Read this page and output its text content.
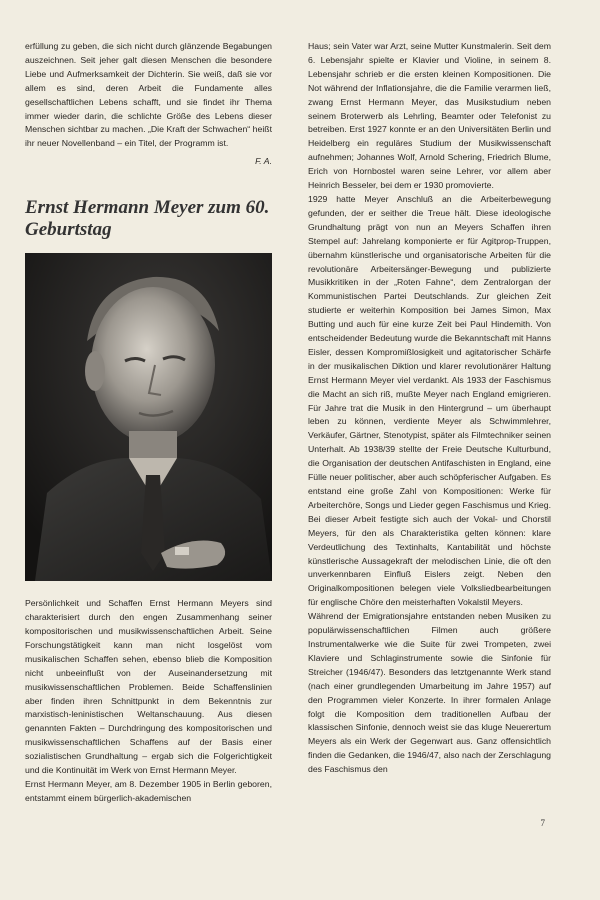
erfüllung zu geben, die sich nicht durch glänzende Begabungen auszeichnen. Seit jeher galt diesen Menschen die besondere Liebe und Aufmerksamkeit der Dichterin. Sie weiß, daß sie vor allem es sind, deren Arbeit die Fundamente alles gesellschaftlichen Lebens schafft, und sie findet ihr Thema immer wieder darin, die schlichte Größe des Lebens dieser Menschen sichtbar zu machen. „Die Kraft der Schwachen“ heißt ihr neuer Novellenband – ein Titel, der Programm ist.

F. A.

Ernst Hermann Meyer zum 60. Geburtstag

Persönlichkeit und Schaffen Ernst Hermann Meyers sind charakterisiert durch den engen Zusammenhang seiner kompositorischen und musikwissenschaftlichen Arbeit. Seine Forschungstätigkeit kann man nicht losgelöst vom musikalischen Schaffen sehen, ebenso blieb die Komposition nicht unbeeinflußt von der Auseinandersetzung mit musikwissenschaftlichen Problemen. Beide Schaffenslinien aber finden ihren Schnittpunkt in dem Bekenntnis zur marxistisch-leninistischen Weltanschauung. Aus diesen genannten Fakten – Durchdringung des kompositorischen und musikwissenschaftlichen Schaffens auf der Basis einer sozialistischen Grundhaltung – ergab sich die Folgerichtigkeit und die Kontinuität im Werk von Ernst Hermann Meyer.

Ernst Hermann Meyer, am 8. Dezember 1905 in Berlin geboren, entstammt einem bürgerlich-akademischen

Haus; sein Vater war Arzt, seine Mutter Kunstmalerin. Seit dem 6. Lebensjahr spielte er Klavier und Violine, in seinem 8. Lebensjahr schrieb er die ersten kleinen Kompositionen. Die Not während der Inflationsjahre, die die Familie verarmen ließ, zwang Ernst Hermann Meyer, das Musikstudium neben seinem Broterwerb als Lehrling, Beamter oder Telefonist zu betreiben. Erst 1927 konnte er an den Universitäten Berlin und Heidelberg ein reguläres Studium der Musikwissenschaft aufnehmen; Johannes Wolf, Arnold Schering, Friedrich Blume, Erich von Hornbostel waren seine Lehrer, vor allem aber Heinrich Besseler, bei dem er 1930 promovierte.

1929 hatte Meyer Anschluß an die Arbeiterbewegung gefunden, der er seither die Treue hält. Diese ideologische Grundhaltung prägt von nun an Meyers Schaffen ihren Stempel auf: Jahrelang komponierte er für Agitprop-Truppen, übernahm künstlerische und organisatorische Arbeiten für die revolutionäre Arbeitersänger-Bewegung und publizierte Musikkritiken in der „Roten Fahne“, dem Zentralorgan der Kommunistischen Partei Deutschlands. Zur gleichen Zeit studierte er weiterhin Komposition bei James Simon, Max Butting und auch für eine kurze Zeit bei Paul Hindemith. Von entscheidender Bedeutung wurde die Bekanntschaft mit Hanns Eisler, dessen Kompromißlosigkeit und agitatorischer Schärfe in der musikalischen Diktion und klarer revolutionärer Haltung Ernst Hermann Meyer viel verdankt. Als 1933 der Faschismus die Macht an sich riß, mußte Meyer nach England emigrieren. Für Jahre trat die Musik in den Hintergrund – um überhaupt leben zu können, verdiente Meyer als Schwimmlehrer, Verkäufer, Gärtner, Stenotypist, später als Filmtechniker seinen Unterhalt. Ab 1938/39 stellte der Freie Deutsche Kulturbund, die Organisation der deutschen Antifaschisten in England, eine Fülle neuer politischer, aber auch schöpferischer Aufgaben. Es entstand eine große Zahl von Kompositionen: Werke für Arbeiterchöre, Songs und Lieder gegen Faschismus und Krieg. Bei dieser Arbeit festigte sich auch der Vokal- und Chorstil Meyers, für den als Charakteristika gelten können: klare Verdeutlichung des Textinhalts, Kantabilität und höchste künstlerische Aussagekraft der melodischen Linie, die oft den unverkennbaren Einfluß Eislers zeigt. Neben den Originalkompositionen belegen viele Volksliedbearbeitungen für englische Chöre den meisterhaften Vokalstil Meyers.

Während der Emigrationsjahre entstanden neben Musiken zu populärwissenschaftlichen Filmen auch größere Instrumentalwerke wie die Suite für zwei Trompeten, zwei Klaviere und Schlaginstrumente sowie die Sinfonie für Streicher (1946/47). Besonders das letztgenannte Werk stand (nach einer grundlegenden Umarbeitung im Jahre 1957) auf den Programmen vieler Konzerte. In ihrer formalen Anlage folgt die Komposition dem traditionellen Aufbau der klassischen Sinfonie, dennoch weist sie das kluge Neuerertum Meyers als ein Werk der Gegenwart aus. Ganz offensichtlich finden die Gedanken, die 1946/47, also nach der Zerschlagung des Faschismus den

7
